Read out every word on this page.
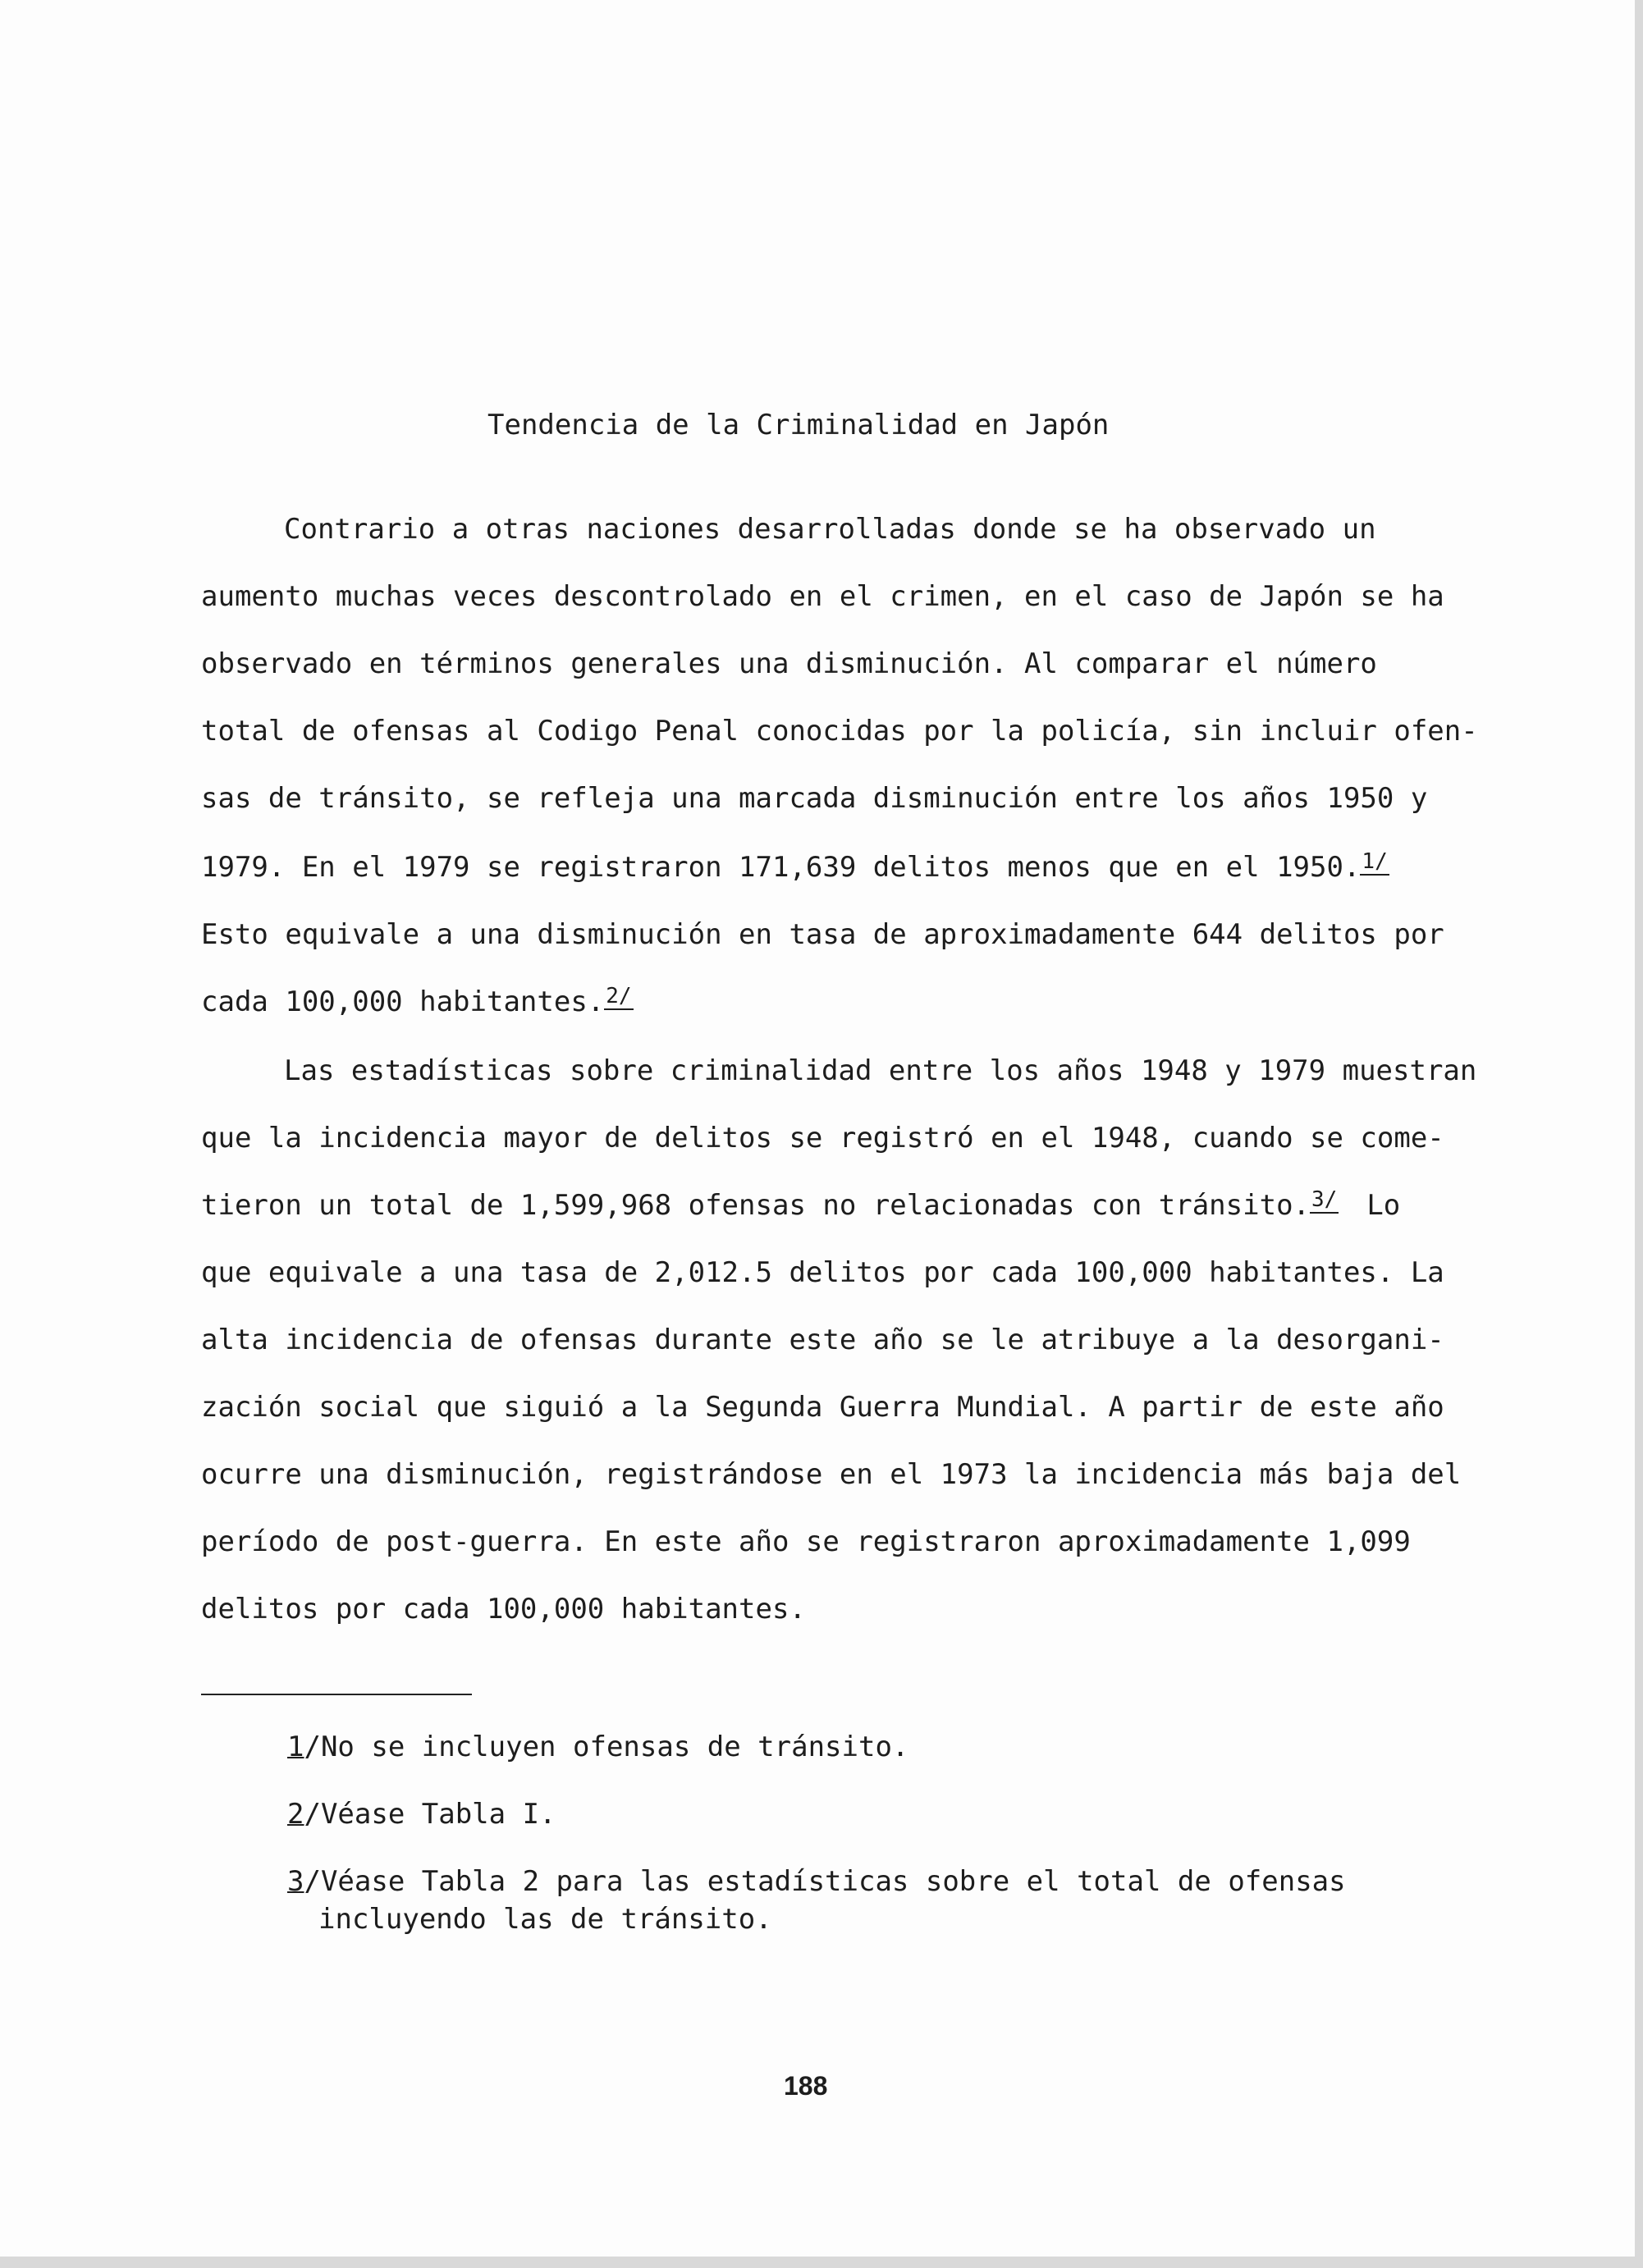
Tendencia de la Criminalidad en Japón
Contrario a otras naciones desarrolladas donde se ha observado un
aumento muchas veces descontrolado en el crimen, en el caso de Japón se ha
observado en términos generales una disminución. Al comparar el número
total de ofensas al Codigo Penal conocidas por la policía, sin incluir ofen-
sas de tránsito, se refleja una marcada disminución entre los años 1950 y
1979. En el 1979 se registraron 171,639 delitos menos que en el 1950.$^{1/}$
Esto equivale a una disminución en tasa de aproximadamente 644 delitos por
cada 100,000 habitantes.$^{2/}$
Las estadísticas sobre criminalidad entre los años 1948 y 1979 muestran
que la incidencia mayor de delitos se registró en el 1948, cuando se come-
tieron un total de 1,599,968 ofensas no relacionadas con tránsito.$^{3/}$ Lo
que equivale a una tasa de 2,012.5 delitos por cada 100,000 habitantes. La
alta incidencia de ofensas durante este año se le atribuye a la desorgani-
zación social que siguió a la Segunda Guerra Mundial. A partir de este año
ocurre una disminución, registrándose en el 1973 la incidencia más baja del
período de post-guerra. En este año se registraron aproximadamente 1,099
delitos por cada 100,000 habitantes.
1/No se incluyen ofensas de tránsito.
2/Véase Tabla I.
3/Véase Tabla 2 para las estadísticas sobre el total de ofensas
incluyendo las de tránsito.
188
